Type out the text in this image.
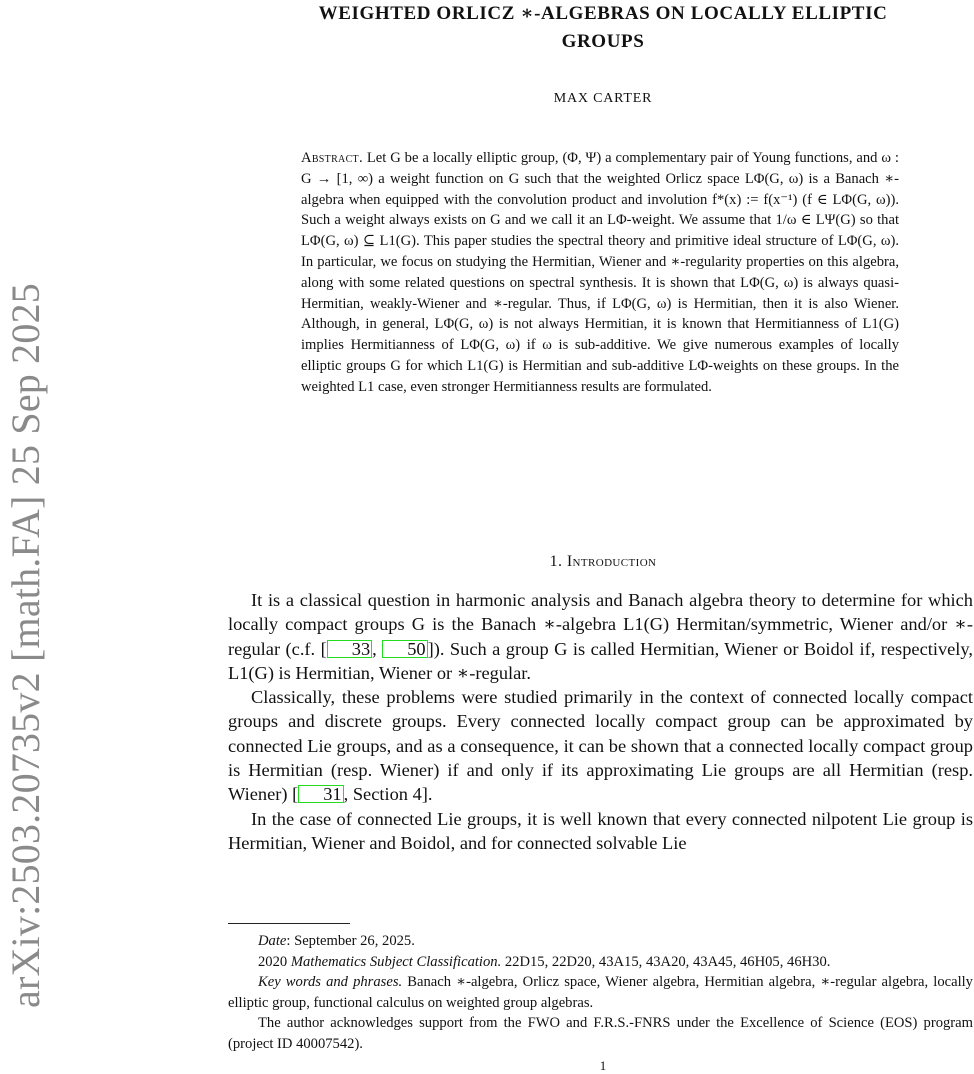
arXiv:2503.20735v2 [math.FA] 25 Sep 2025
WEIGHTED ORLICZ ∗-ALGEBRAS ON LOCALLY ELLIPTIC
GROUPS
MAX CARTER
Abstract. Let G be a locally elliptic group, (Φ, Ψ) a complementary pair of Young functions, and ω : G → [1, ∞) a weight function on G such that the weighted Orlicz space LΦ(G, ω) is a Banach ∗-algebra when equipped with the convolution product and involution f*(x) := f(x⁻¹) (f ∈ LΦ(G, ω)). Such a weight always exists on G and we call it an LΦ-weight. We assume that 1/ω ∈ LΨ(G) so that LΦ(G, ω) ⊆ L1(G). This paper studies the spectral theory and primitive ideal structure of LΦ(G, ω). In particular, we focus on studying the Hermitian, Wiener and ∗-regularity properties on this algebra, along with some related questions on spectral synthesis. It is shown that LΦ(G, ω) is always quasi-Hermitian, weakly-Wiener and ∗-regular. Thus, if LΦ(G, ω) is Hermitian, then it is also Wiener. Although, in general, LΦ(G, ω) is not always Hermitian, it is known that Hermitianness of L1(G) implies Hermitianness of LΦ(G, ω) if ω is sub-additive. We give numerous examples of locally elliptic groups G for which L1(G) is Hermitian and sub-additive LΦ-weights on these groups. In the weighted L1 case, even stronger Hermitianness results are formulated.
1. Introduction

It is a classical question in harmonic analysis and Banach algebra theory to determine for which locally compact groups G is the Banach ∗-algebra L1(G) Hermitan/symmetric, Wiener and/or ∗-regular (c.f. [ 33 , 50 ]). Such a group G is called Hermitian, Wiener or Boidol if, respectively, L1(G) is Hermitian, Wiener or ∗-regular.

Classically, these problems were studied primarily in the context of connected locally compact groups and discrete groups. Every connected locally compact group can be approximated by connected Lie groups, and as a consequence, it can be shown that a connected locally compact group is Hermitian (resp. Wiener) if and only if its approximating Lie groups are all Hermitian (resp. Wiener) [ 31 , Section 4].

In the case of connected Lie groups, it is well known that every connected nilpotent Lie group is Hermitian, Wiener and Boidol, and for connected solvable Lie

Date: September 26, 2025.

2020 Mathematics Subject Classification. 22D15, 22D20, 43A15, 43A20, 43A45, 46H05, 46H30.

Key words and phrases. Banach ∗-algebra, Orlicz space, Wiener algebra, Hermitian algebra, ∗-regular algebra, locally elliptic group, functional calculus on weighted group algebras.

The author acknowledges support from the FWO and F.R.S.-FNRS under the Excellence of Science (EOS) program (project ID 40007542).

1
